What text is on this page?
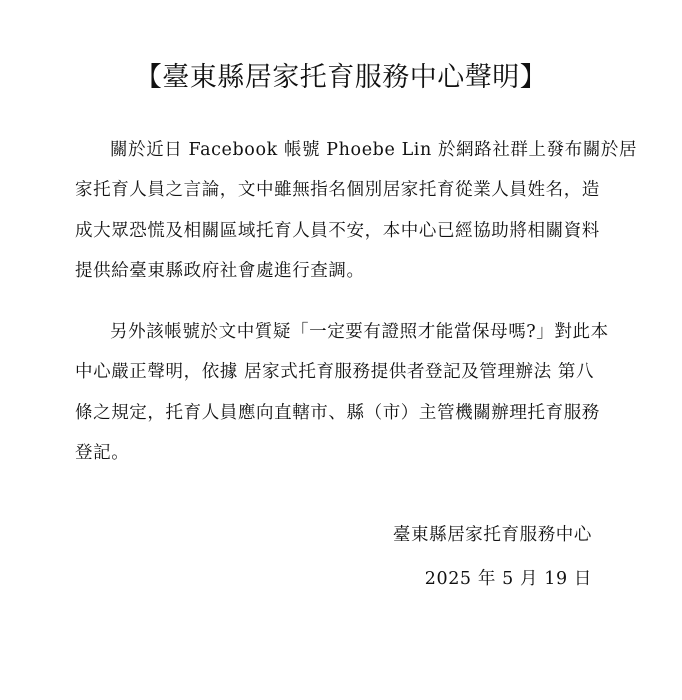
【臺東縣居家托育服務中心聲明】
關於近日 Facebook 帳號 Phoebe Lin 於網路社群上發布關於居
家托育人員之言論，文中雖無指名個別居家托育從業人員姓名，造
成大眾恐慌及相關區域托育人員不安，本中心已經協助將相關資料
提供給臺東縣政府社會處進行查調。
另外該帳號於文中質疑「一定要有證照才能當保母嗎?」對此本
中心嚴正聲明，依據 居家式托育服務提供者登記及管理辦法 第八
條之規定，托育人員應向直轄市、縣（市）主管機關辦理托育服務
登記。
臺東縣居家托育服務中心
2025 年 5 月 19 日
